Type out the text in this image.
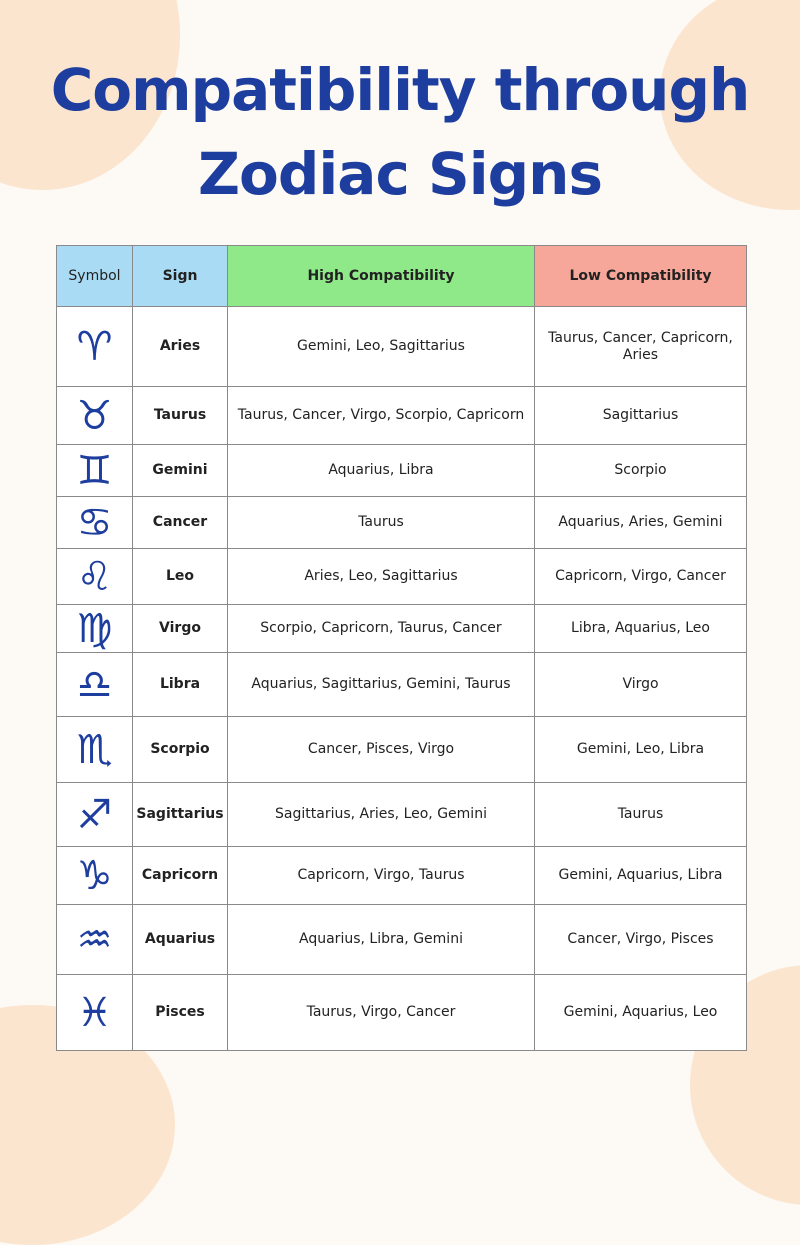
Compatibility through Zodiac Signs
Symbol	Sign	High Compatibility	Low Compatibility
♈	Aries	Gemini, Leo, Sagittarius	Taurus, Cancer, Capricorn, Aries
♉	Taurus	Taurus, Cancer, Virgo, Scorpio, Capricorn	Sagittarius
♊	Gemini	Aquarius, Libra	Scorpio
♋	Cancer	Taurus	Aquarius, Aries, Gemini
♌	Leo	Aries, Leo, Sagittarius	Capricorn, Virgo, Cancer
♍	Virgo	Scorpio, Capricorn, Taurus, Cancer	Libra, Aquarius, Leo
♎	Libra	Aquarius, Sagittarius, Gemini, Taurus	Virgo
♏	Scorpio	Cancer, Pisces, Virgo	Gemini, Leo, Libra
♐	Sagittarius	Sagittarius, Aries, Leo, Gemini	Taurus
♑	Capricorn	Capricorn, Virgo, Taurus	Gemini, Aquarius, Libra
♒	Aquarius	Aquarius, Libra, Gemini	Cancer, Virgo, Pisces
♓	Pisces	Taurus, Virgo, Cancer	Gemini, Aquarius, Leo
